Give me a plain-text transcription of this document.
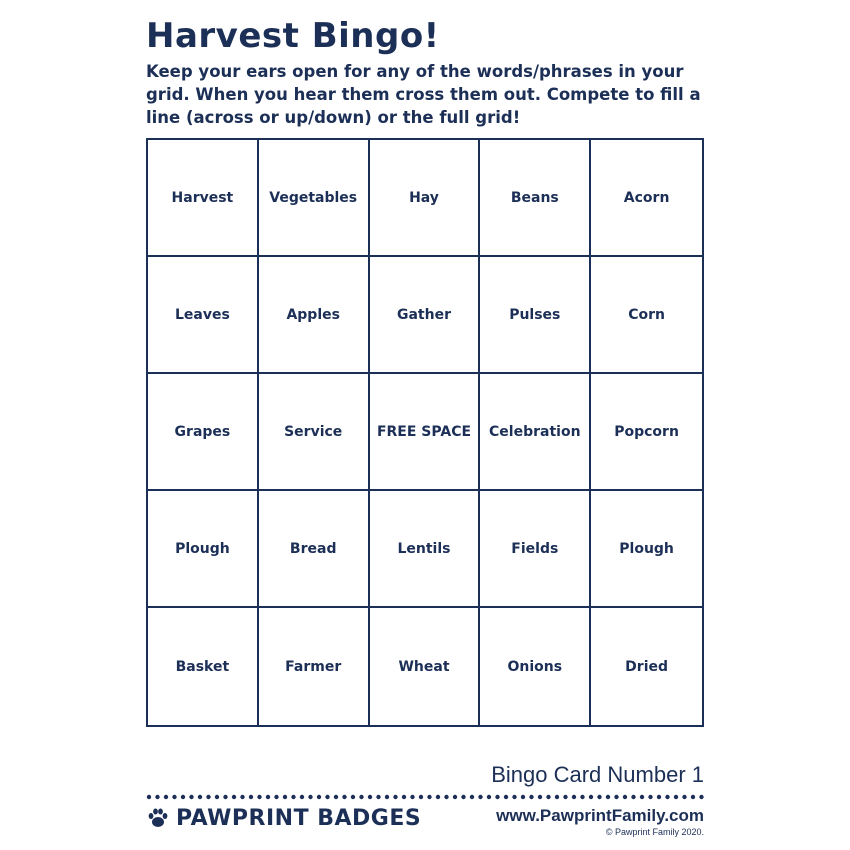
Harvest Bingo!

Keep your ears open for any of the words/phrases in your grid. When you hear them cross them out. Compete to fill a line (across or up/down) or the full grid!

Harvest	Vegetables	Hay	Beans	Acorn
Leaves	Apples	Gather	Pulses	Corn
Grapes	Service	FREE SPACE	Celebration	Popcorn
Plough	Bread	Lentils	Fields	Plough
Basket	Farmer	Wheat	Onions	Dried
Bingo Card Number 1
PAWPRINT BADGES	www.PawprintFamily.com
© Pawprint Family 2020.
